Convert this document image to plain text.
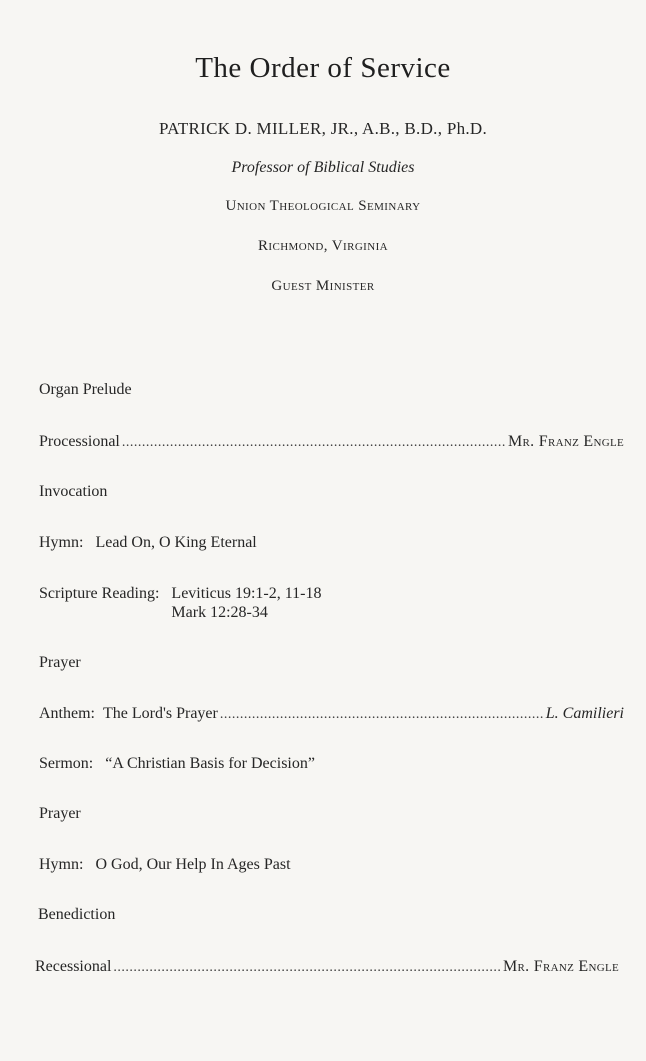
The Order of Service
PATRICK D. MILLER, JR., A.B., B.D., Ph.D.
Professor of Biblical Studies
Union Theological Seminary
Richmond, Virginia
Guest Minister
Organ Prelude
Processional .....	Mr. Franz Engle
Invocation
Hymn: Lead On, O King Eternal
Scripture Reading: Leviticus 19:1-2, 11-18
Mark 12:28-34
Prayer
Anthem: The Lord's Prayer .....	L. Camilieri
Sermon: “A Christian Basis for Decision”
Prayer
Hymn: O God, Our Help In Ages Past
Benediction
Recessional .....	Mr. Franz Engle
